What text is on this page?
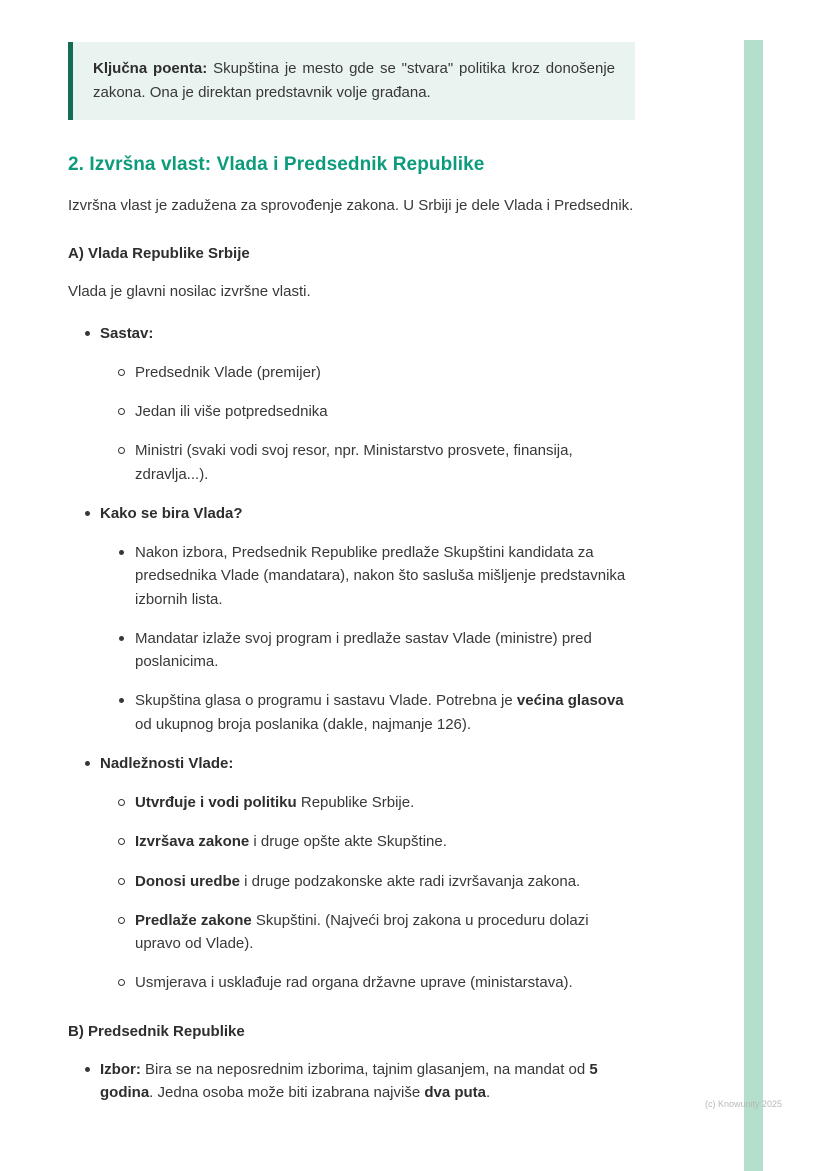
Ključna poenta: Skupština je mesto gde se "stvara" politika kroz donošenje zakona. Ona je direktan predstavnik volje građana.

2. Izvršna vlast: Vlada i Predsednik Republike

Izvršna vlast je zadužena za sprovođenje zakona. U Srbiji je dele Vlada i Predsednik.

A) Vlada Republike Srbije

Vlada je glavni nosilac izvršne vlasti.

Sastav:
Predsednik Vlade (premijer)
Jedan ili više potpredsednika
Ministri (svaki vodi svoj resor, npr. Ministarstvo prosvete, finansija, zdravlja...).
Kako se bira Vlada?
Nakon izbora, Predsednik Republike predlaže Skupštini kandidata za predsednika Vlade (mandatara), nakon što sasluša mišljenje predstavnika izbornih lista.
Mandatar izlaže svoj program i predlaže sastav Vlade (ministre) pred poslanicima.
Skupština glasa o programu i sastavu Vlade. Potrebna je većina glasova od ukupnog broja poslanika (dakle, najmanje 126).
Nadležnosti Vlade:
Utvrđuje i vodi politiku Republike Srbije.
Izvršava zakone i druge opšte akte Skupštine.
Donosi uredbe i druge podzakonske akte radi izvršavanja zakona.
Predlaže zakone Skupštini. (Najveći broj zakona u proceduru dolazi upravo od Vlade).
Usmjerava i usklađuje rad organa državne uprave (ministarstava).

B) Predsednik Republike

Izbor: Bira se na neposrednim izborima, tajnim glasanjem, na mandat od 5 godina. Jedna osoba može biti izabrana najviše dva puta.
(c) Knowunity 2025
